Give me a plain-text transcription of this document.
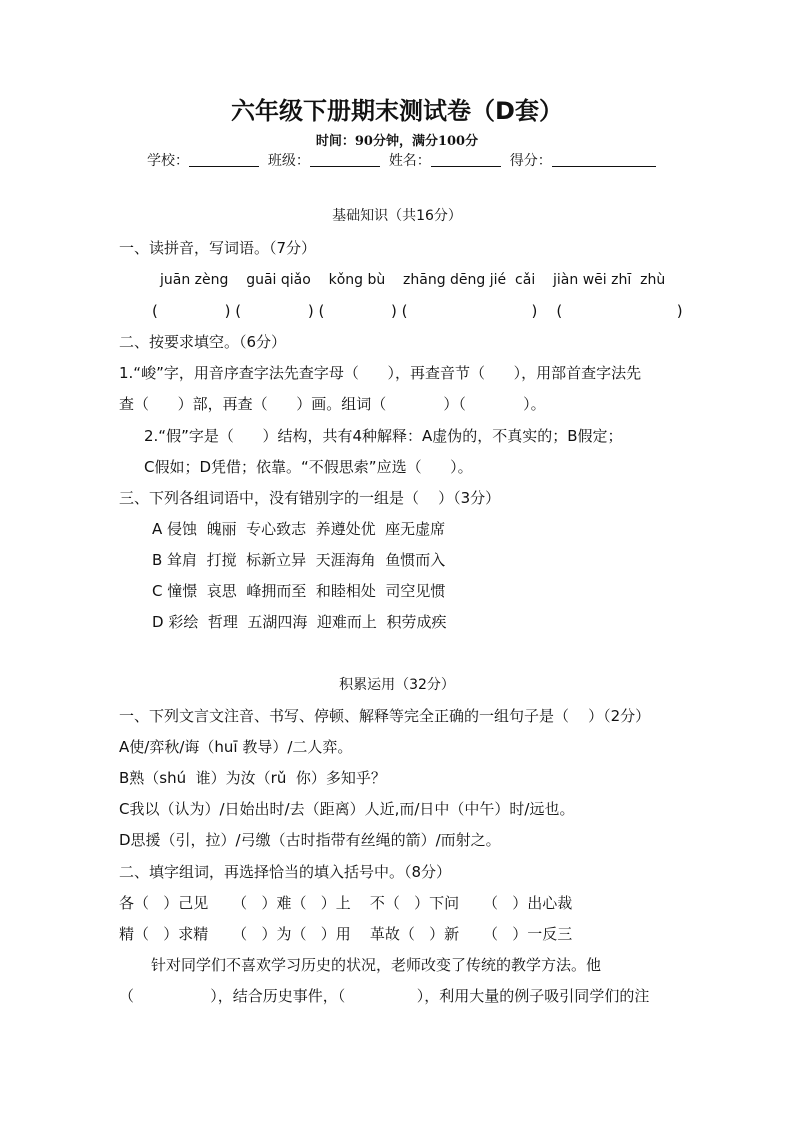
六年级下册期末测试卷（D套）
时间：90分钟，满分100分
学校：	班级：	姓名：	得分：
基础知识（共16分）
一、读拼音，写词语。（7分）
juān zèng    guāi qiǎo    kǒng bù    zhāng dēng jié  cǎi    jiàn wēi zhī  zhù
(              ) (              ) (              ) (                          )    (                        )
二、按要求填空。（6分）
1.“峻”字，用音序查字法先查字母（      ），再查音节（      ），用部首查字法先
查（      ）部，再查（      ）画。组词（            ）（            ）。
2.“假”字是（      ）结构，共有4种解释：A虚伪的，不真实的；B假定；
C假如；D凭借；依靠。“不假思索”应选（      ）。
三、下列各组词语中，没有错别字的一组是（    ）（3分）
A 侵蚀  魄丽  专心致志  养遵处优  座无虚席
B 耸肩  打搅  标新立异  天涯海角  鱼惯而入
C 憧憬  哀思  峰拥而至  和睦相处  司空见惯
D 彩绘  哲理  五湖四海  迎难而上  积劳成疾
积累运用（32分）
一、下列文言文注音、书写、停顿、解释等完全正确的一组句子是（    ）（2分）
A使/弈秋/诲（huī 教导）/二人弈。
B熟（shú  谁）为汝（rǔ  你）多知乎？
C我以（认为）/日始出时/去（距离）人近,而/日中（中午）时/远也。
D思援（引，拉）/弓缴（古时指带有丝绳的箭）/而射之。
二、填字组词，再选择恰当的填入括号中。（8分）
各（   ）己见     （   ）难（   ）上    不（   ）下问     （   ）出心裁
精（   ）求精     （   ）为（   ）用    革故（   ）新     （   ）一反三
针对同学们不喜欢学习历史的状况，老师改变了传统的教学方法。他
（                ），结合历史事件，（               ），利用大量的例子吸引同学们的注
